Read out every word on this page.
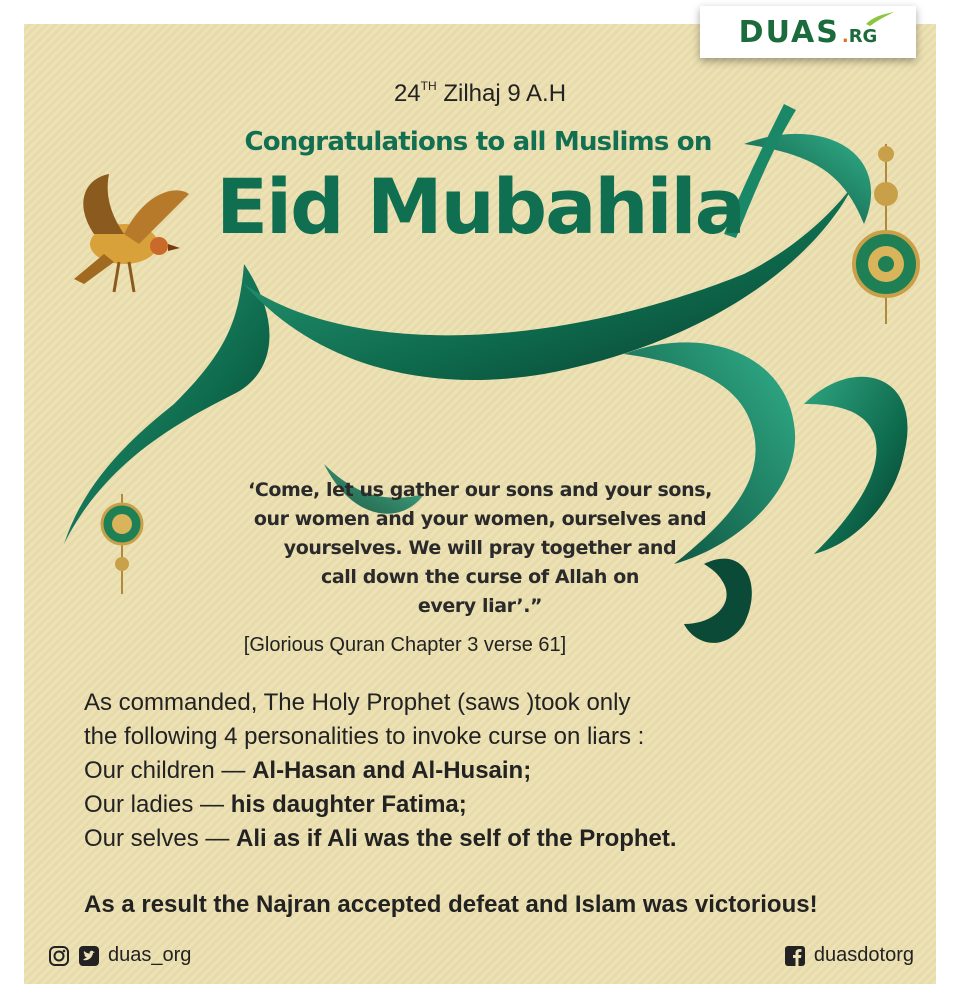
24TH Zilhaj 9 A.H
Congratulations to all Muslims on
Eid Mubahila
‘Come, let us gather our sons and your sons,
our women and your women, ourselves and
yourselves. We will pray together and
call down the curse of Allah on
every liar’.”
[Glorious Quran Chapter 3 verse 61]
As commanded, The Holy Prophet (saws )took only
the following 4 personalities to invoke curse on liars :
Our children — Al-Hasan and Al-Husain;
Our ladies — his daughter Fatima;
Our selves — Ali as if Ali was the self of the Prophet.
As a result the Najran accepted defeat and Islam was victorious!
duas_org	duasdotorg
DUAS .RG
